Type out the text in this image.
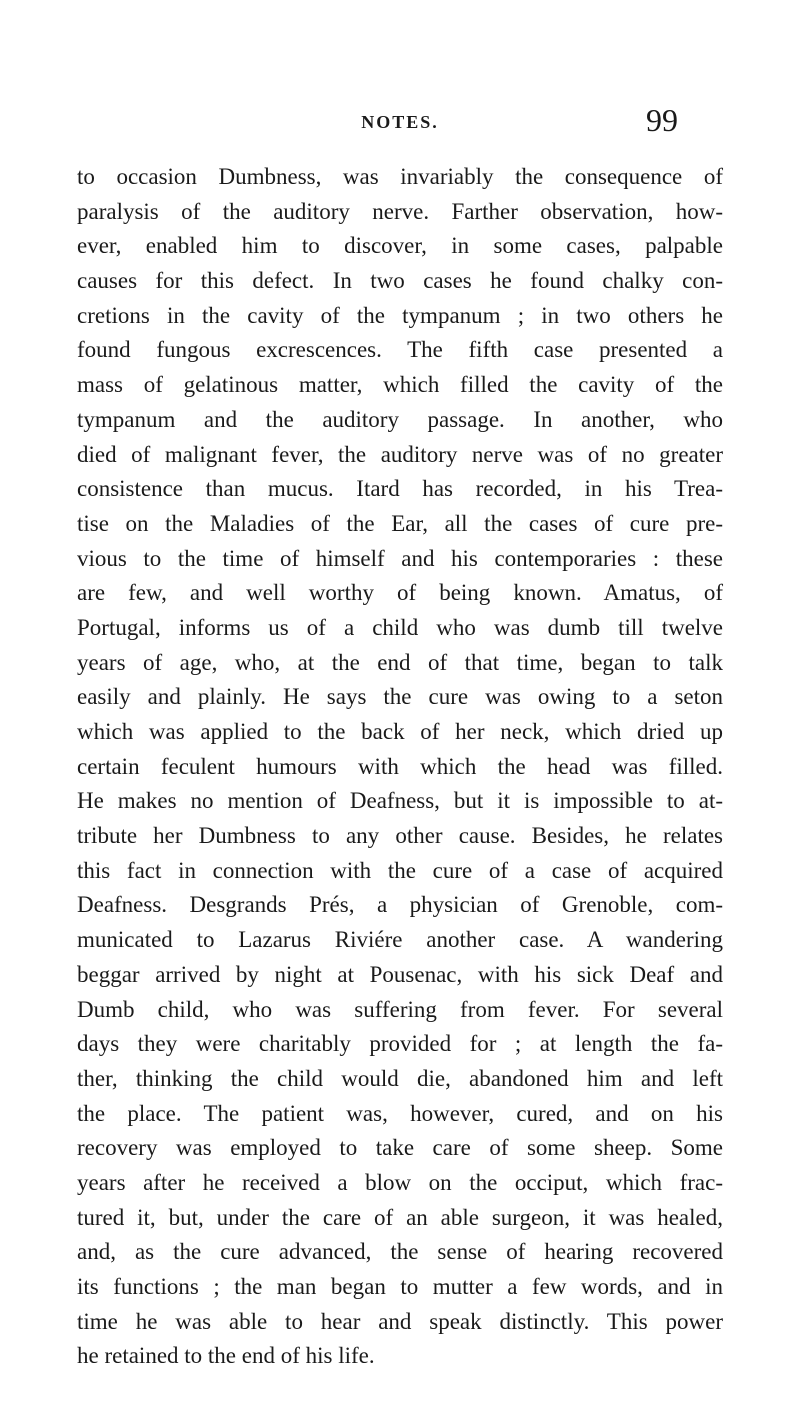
NOTES.	99
to occasion Dumbness, was invariably the consequence of
paralysis of the auditory nerve. Farther observation, how-
ever, enabled him to discover, in some cases, palpable
causes for this defect. In two cases he found chalky con-
cretions in the cavity of the tympanum ; in two others he
found fungous excrescences. The fifth case presented a
mass of gelatinous matter, which filled the cavity of the
tympanum and the auditory passage. In another, who
died of malignant fever, the auditory nerve was of no greater
consistence than mucus. Itard has recorded, in his Trea-
tise on the Maladies of the Ear, all the cases of cure pre-
vious to the time of himself and his contemporaries : these
are few, and well worthy of being known. Amatus, of
Portugal, informs us of a child who was dumb till twelve
years of age, who, at the end of that time, began to talk
easily and plainly. He says the cure was owing to a seton
which was applied to the back of her neck, which dried up
certain feculent humours with which the head was filled.
He makes no mention of Deafness, but it is impossible to at-
tribute her Dumbness to any other cause. Besides, he relates
this fact in connection with the cure of a case of acquired
Deafness. Desgrands Prés, a physician of Grenoble, com-
municated to Lazarus Riviére another case. A wandering
beggar arrived by night at Pousenac, with his sick Deaf and
Dumb child, who was suffering from fever. For several
days they were charitably provided for ; at length the fa-
ther, thinking the child would die, abandoned him and left
the place. The patient was, however, cured, and on his
recovery was employed to take care of some sheep. Some
years after he received a blow on the occiput, which frac-
tured it, but, under the care of an able surgeon, it was healed,
and, as the cure advanced, the sense of hearing recovered
its functions ; the man began to mutter a few words, and in
time he was able to hear and speak distinctly. This power
he retained to the end of his life.
